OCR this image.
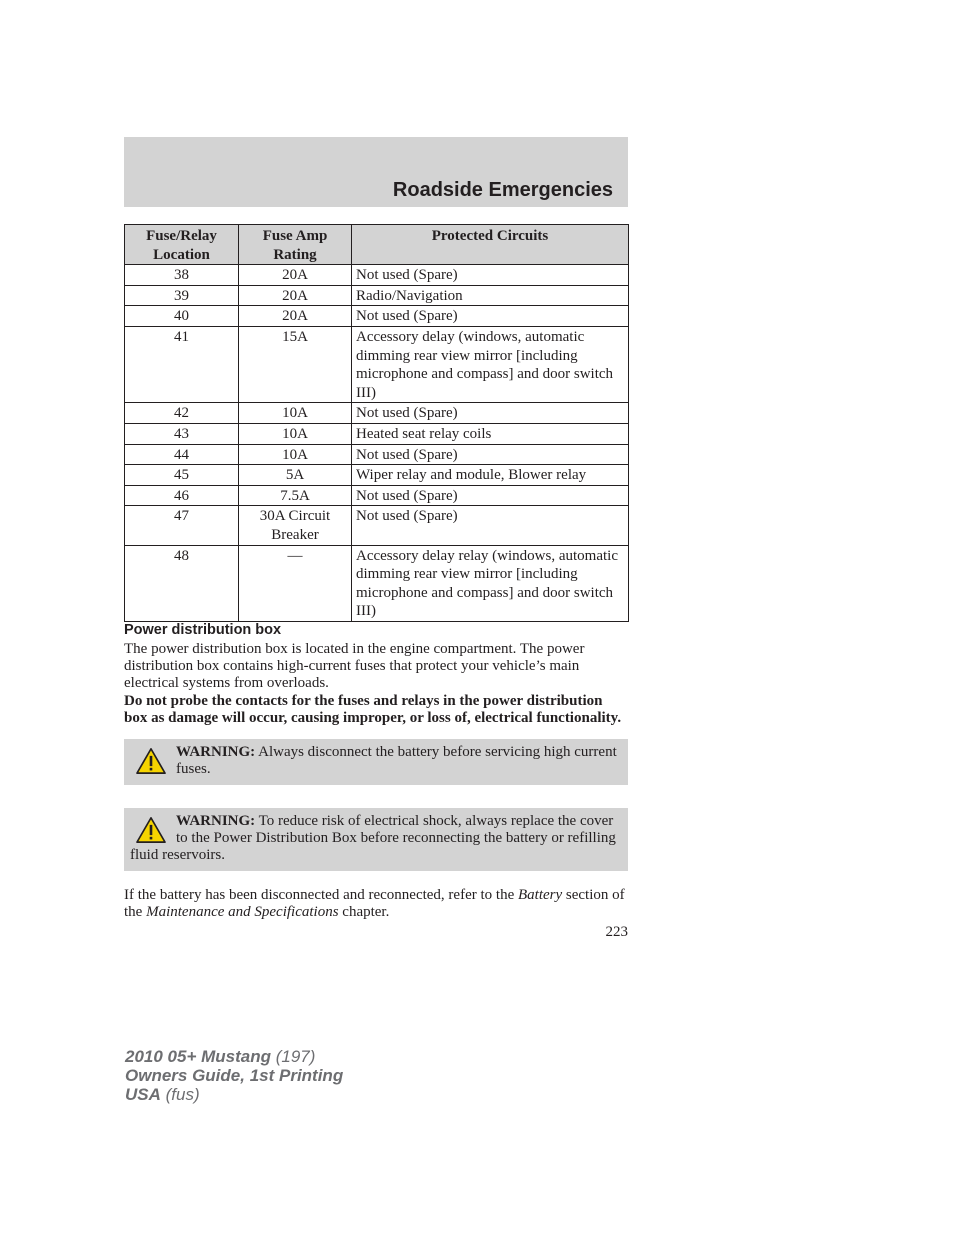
Roadside Emergencies
Fuse/Relay Location	Fuse Amp Rating	Protected Circuits
38	20A	Not used (Spare)
39	20A	Radio/Navigation
40	20A	Not used (Spare)
41	15A	Accessory delay (windows, automatic dimming rear view mirror [including microphone and compass] and door switch III)
42	10A	Not used (Spare)
43	10A	Heated seat relay coils
44	10A	Not used (Spare)
45	5A	Wiper relay and module, Blower relay
46	7.5A	Not used (Spare)
47	30A Circuit Breaker	Not used (Spare)
48	—	Accessory delay relay (windows, automatic dimming rear view mirror [including microphone and compass] and door switch III)
Power distribution box

The power distribution box is located in the engine compartment. The power distribution box contains high-current fuses that protect your vehicle’s main electrical systems from overloads.

Do not probe the contacts for the fuses and relays in the power distribution box as damage will occur, causing improper, or loss of, electrical functionality.

WARNING: Always disconnect the battery before servicing high current fuses.
WARNING: To reduce risk of electrical shock, always replace the cover to the Power Distribution Box before reconnecting the battery or refilling fluid reservoirs.

If the battery has been disconnected and reconnected, refer to the Battery section of the Maintenance and Specifications chapter.

223
2010 05+ Mustang (197)
Owners Guide, 1st Printing
USA (fus)
